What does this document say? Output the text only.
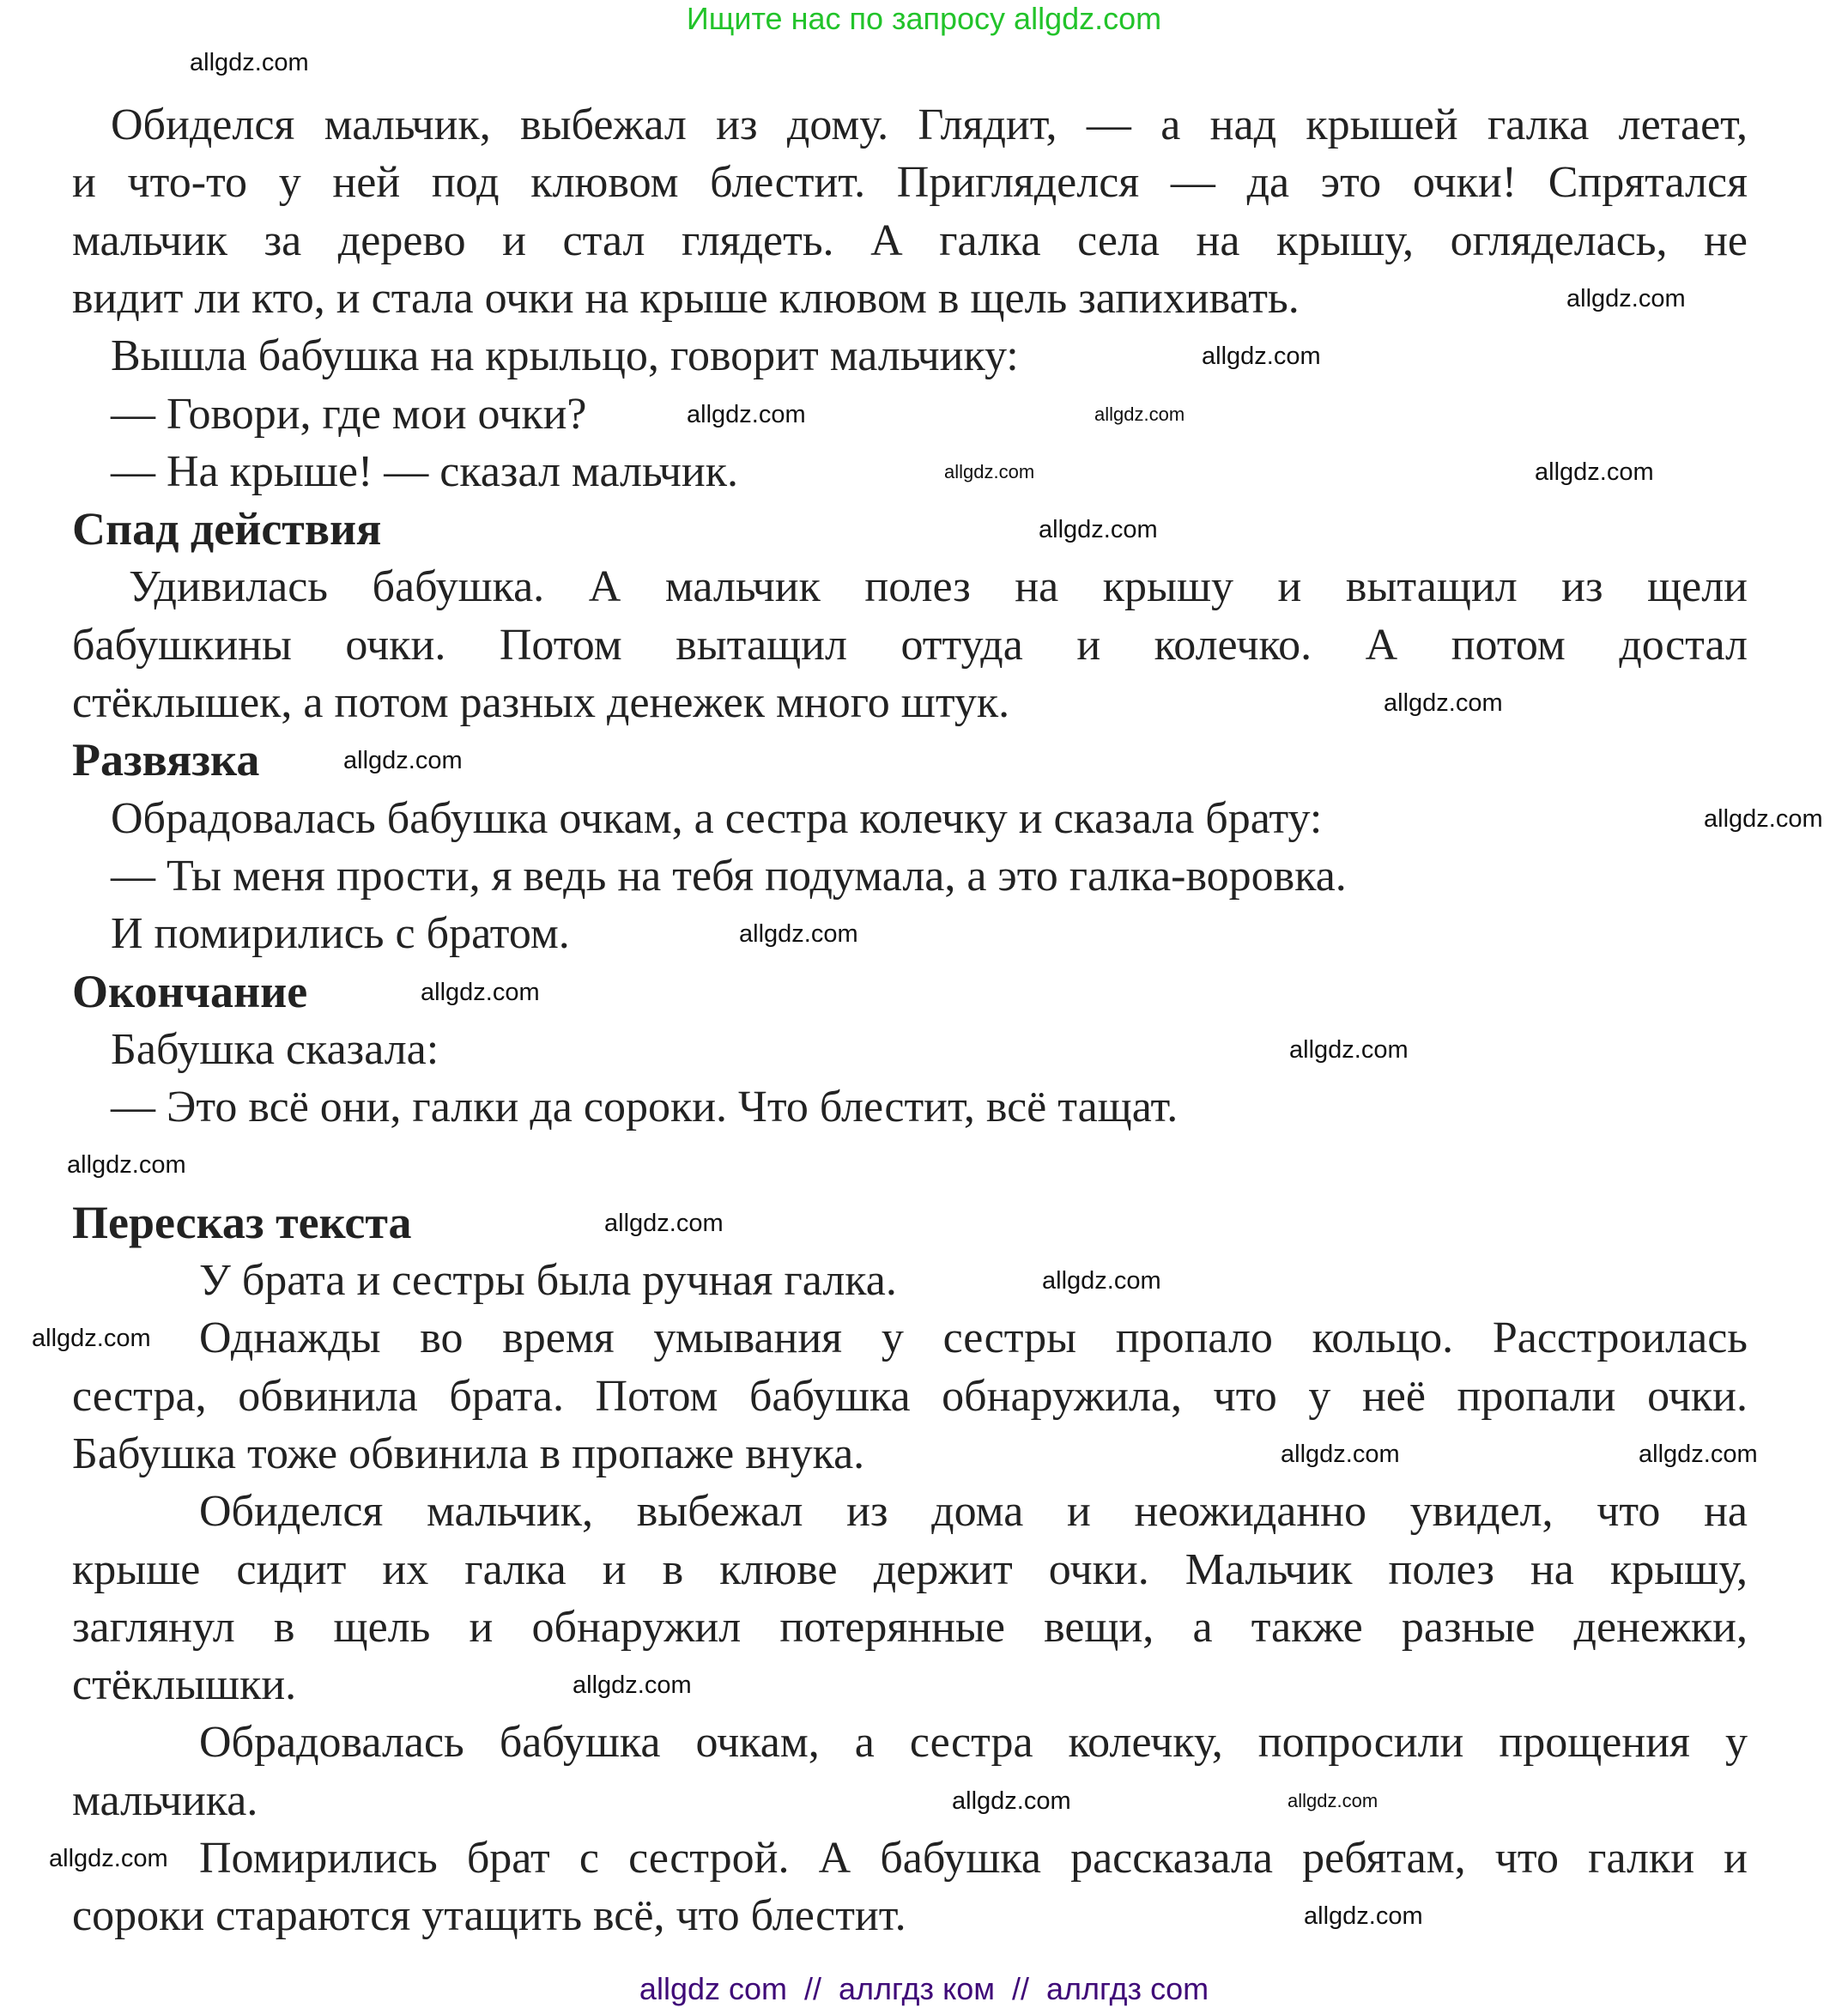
Ищите нас по запросу allgdz.com
Обиделся мальчик, выбежал из дому. Глядит, — а над крышей галка летает,
и что-то у ней под клювом блестит. Пригляделся — да это очки! Спрятался
мальчик за дерево и стал глядеть. А галка села на крышу, огляделась, не
видит ли кто, и стала очки на крыше клювом в щель запихивать.
Вышла бабушка на крыльцо, говорит мальчику:
— Говори, где мои очки?
— На крыше! — сказал мальчик.
Спад действия
Удивилась бабушка. А мальчик полез на крышу и вытащил из щели
бабушкины очки. Потом вытащил оттуда и колечко. А потом достал
стёклышек, а потом разных денежек много штук.
Развязка
Обрадовалась бабушка очкам, а сестра колечку и сказала брату:
— Ты меня прости, я ведь на тебя подумала, а это галка-воровка.
И помирились с братом.
Окончание
Бабушка сказала:
— Это всё они, галки да сороки. Что блестит, всё тащат.
Пересказ текста
У брата и сестры была ручная галка.
Однажды во время умывания у сестры пропало кольцо. Расстроилась
сестра, обвинила брата. Потом бабушка обнаружила, что у неё пропали очки.
Бабушка тоже обвинила в пропаже внука.
Обиделся мальчик, выбежал из дома и неожиданно увидел, что на
крыше сидит их галка и в клюве держит очки. Мальчик полез на крышу,
заглянул в щель и обнаружил потерянные вещи, а также разные денежки,
стёклышки.
Обрадовалась бабушка очкам, а сестра колечку, попросили прощения у
мальчика.
Помирились брат с сестрой. А бабушка рассказала ребятам, что галки и
сороки стараются утащить всё, что блестит.
allgdz.com
allgdz.com
allgdz.com
allgdz.com
allgdz.com
allgdz.com
allgdz.com
allgdz.com
allgdz.com
allgdz.com
allgdz.com
allgdz.com
allgdz.com
allgdz.com
allgdz.com
allgdz.com
allgdz.com
allgdz.com
allgdz.com
allgdz.com
allgdz.com
allgdz.com
allgdz.com
allgdz.com
allgdz.com
allgdz com  //  аллгдз ком  //  аллгдз com
